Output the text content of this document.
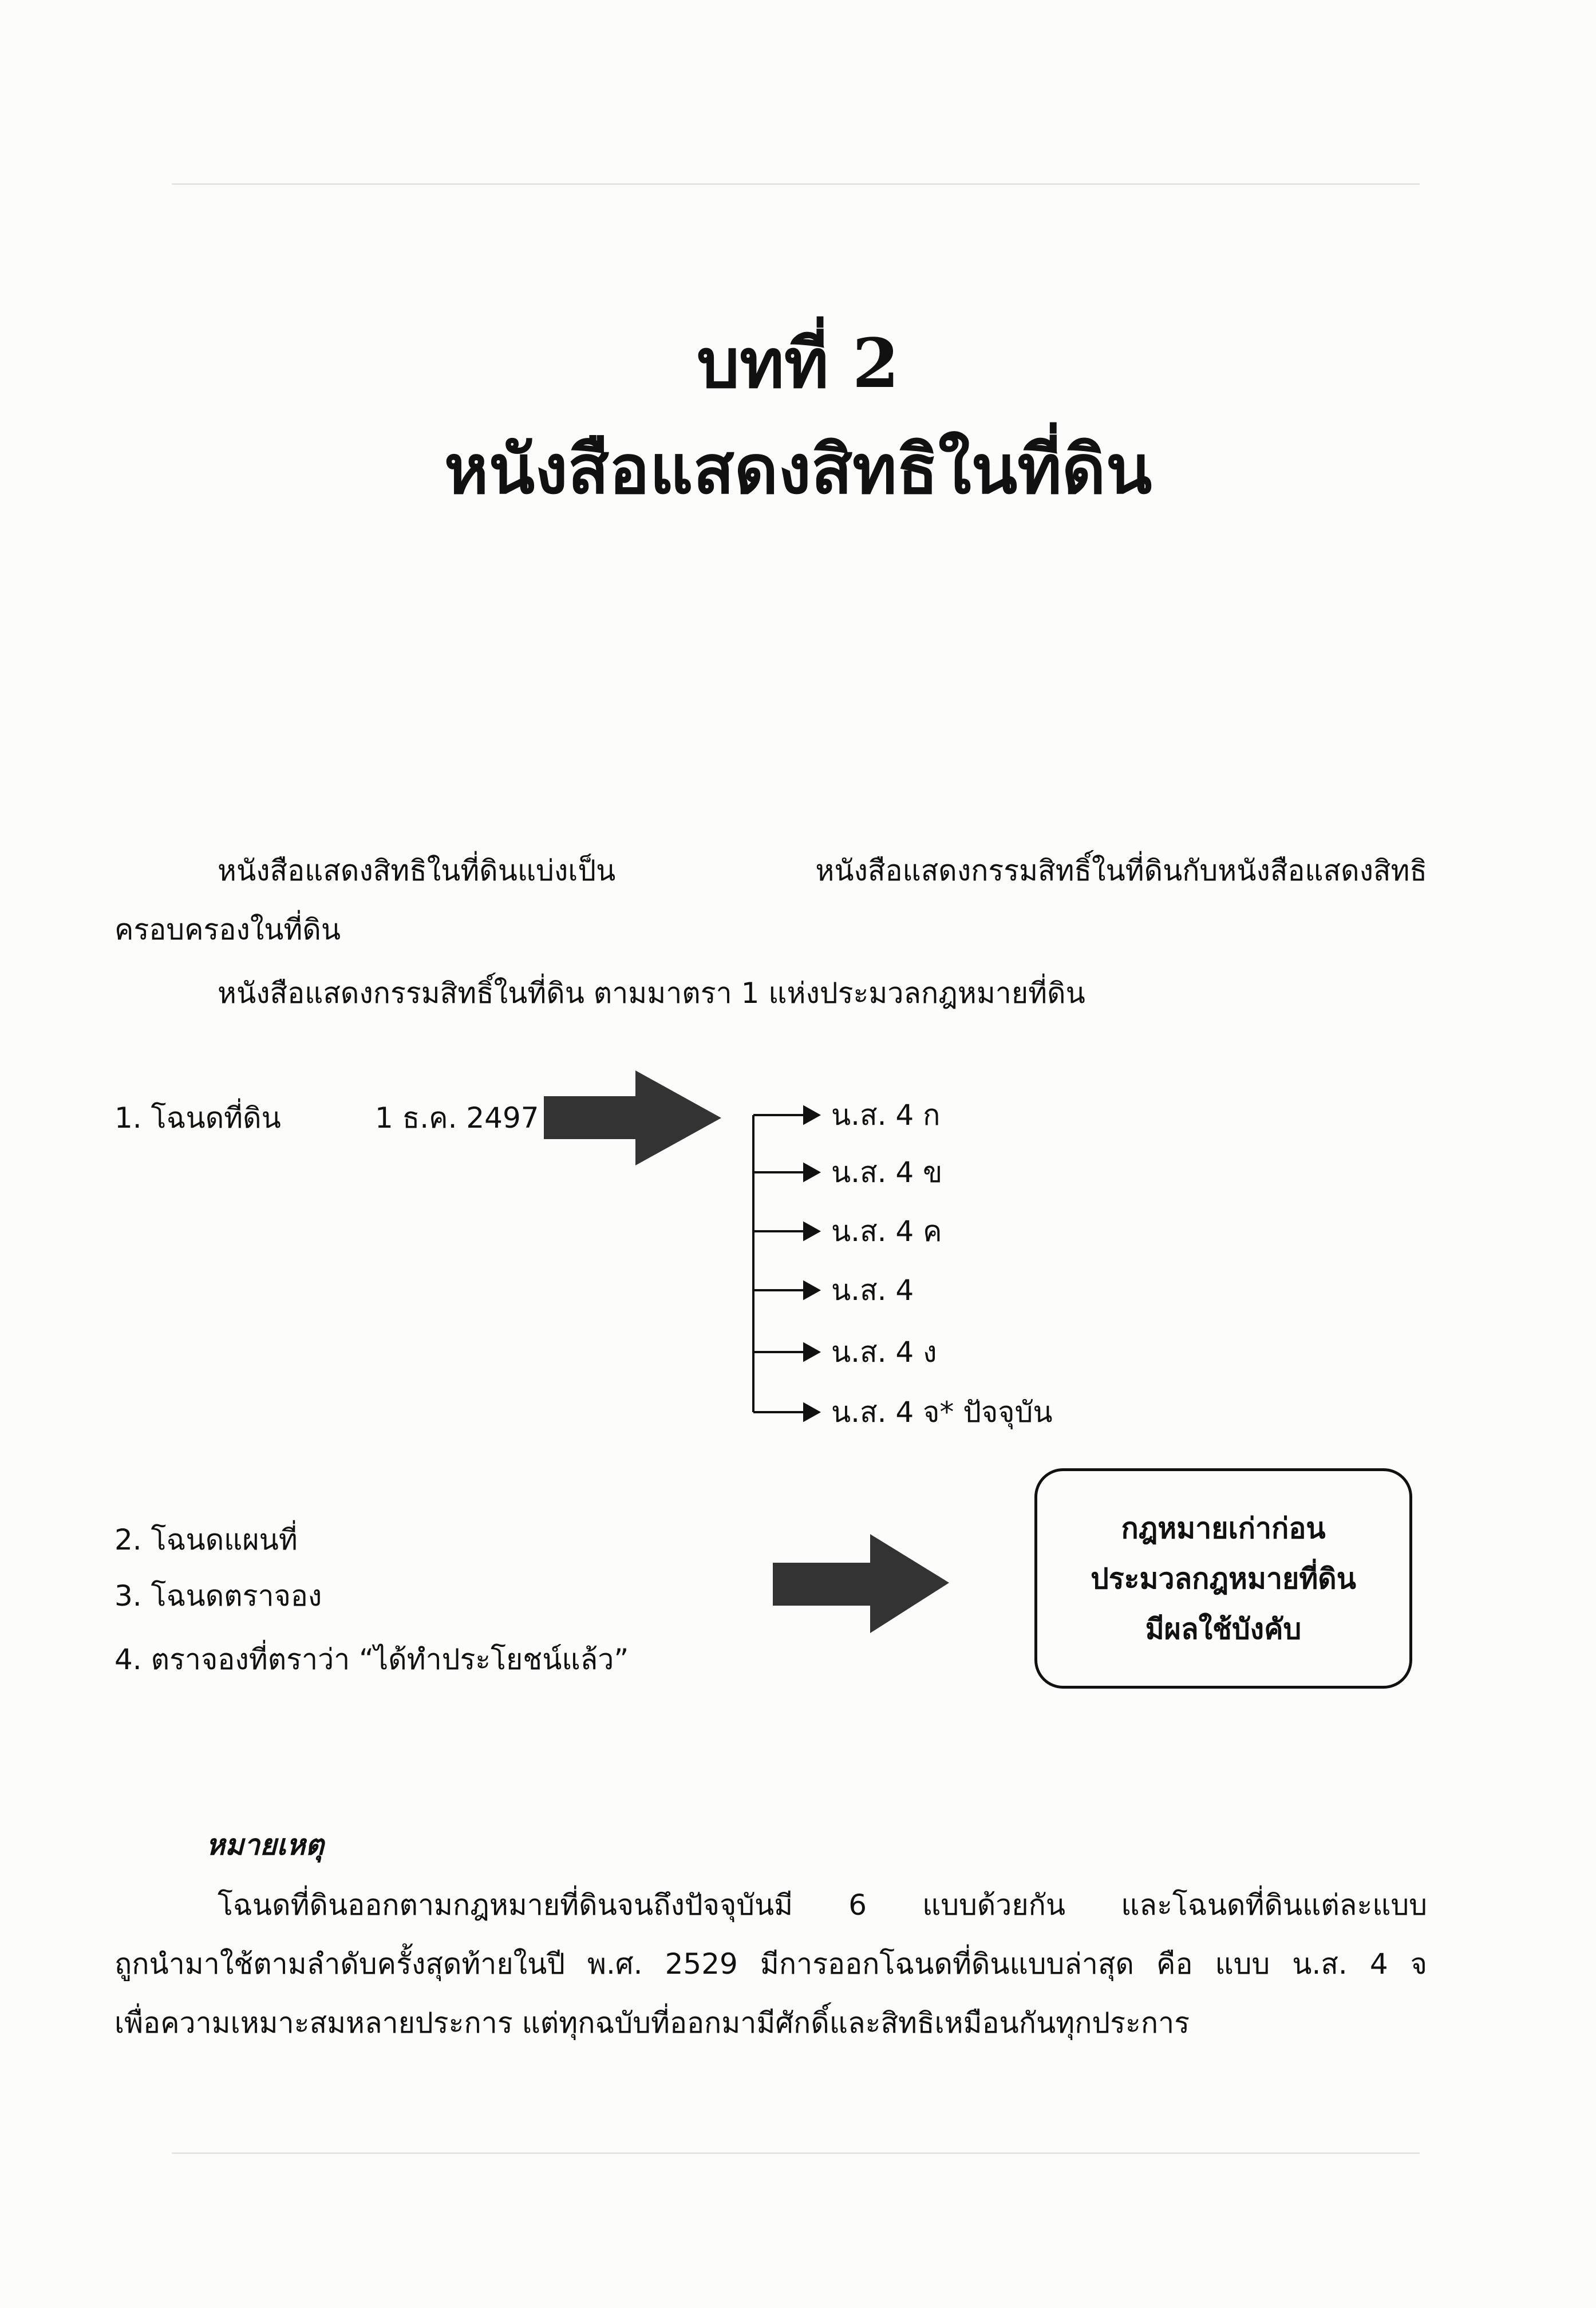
บทที่ 2
หนังสือแสดงสิทธิในที่ดิน
หนังสือแสดงสิทธิในที่ดินแบ่งเป็น หนังสือแสดงกรรมสิทธิ์ในที่ดินกับหนังสือแสดงสิทธิ
ครอบครองในที่ดิน
หนังสือแสดงกรรมสิทธิ์ในที่ดิน ตามมาตรา 1 แห่งประมวลกฎหมายที่ดิน
1. โฉนดที่ดิน	1 ธ.ค. 2497	น.ส. 4 ก
น.ส. 4 ข
น.ส. 4 ค
น.ส. 4
น.ส. 4 ง
น.ส. 4 จ* ปัจจุบัน
2. โฉนดแผนที่
3. โฉนดตราจอง
4. ตราจองที่ตราว่า “ได้ทำประโยชน์แล้ว”
กฎหมายเก่าก่อน
ประมวลกฎหมายที่ดิน
มีผลใช้บังคับ
หมายเหตุ
โฉนดที่ดินออกตามกฎหมายที่ดินจนถึงปัจจุบันมี 6 แบบด้วยกัน และโฉนดที่ดินแต่ละแบบ
ถูกนำมาใช้ตามลำดับครั้งสุดท้ายในปี พ.ศ. 2529 มีการออกโฉนดที่ดินแบบล่าสุด คือ แบบ น.ส. 4 จ
เพื่อความเหมาะสมหลายประการ แต่ทุกฉบับที่ออกมามีศักดิ์และสิทธิเหมือนกันทุกประการ
